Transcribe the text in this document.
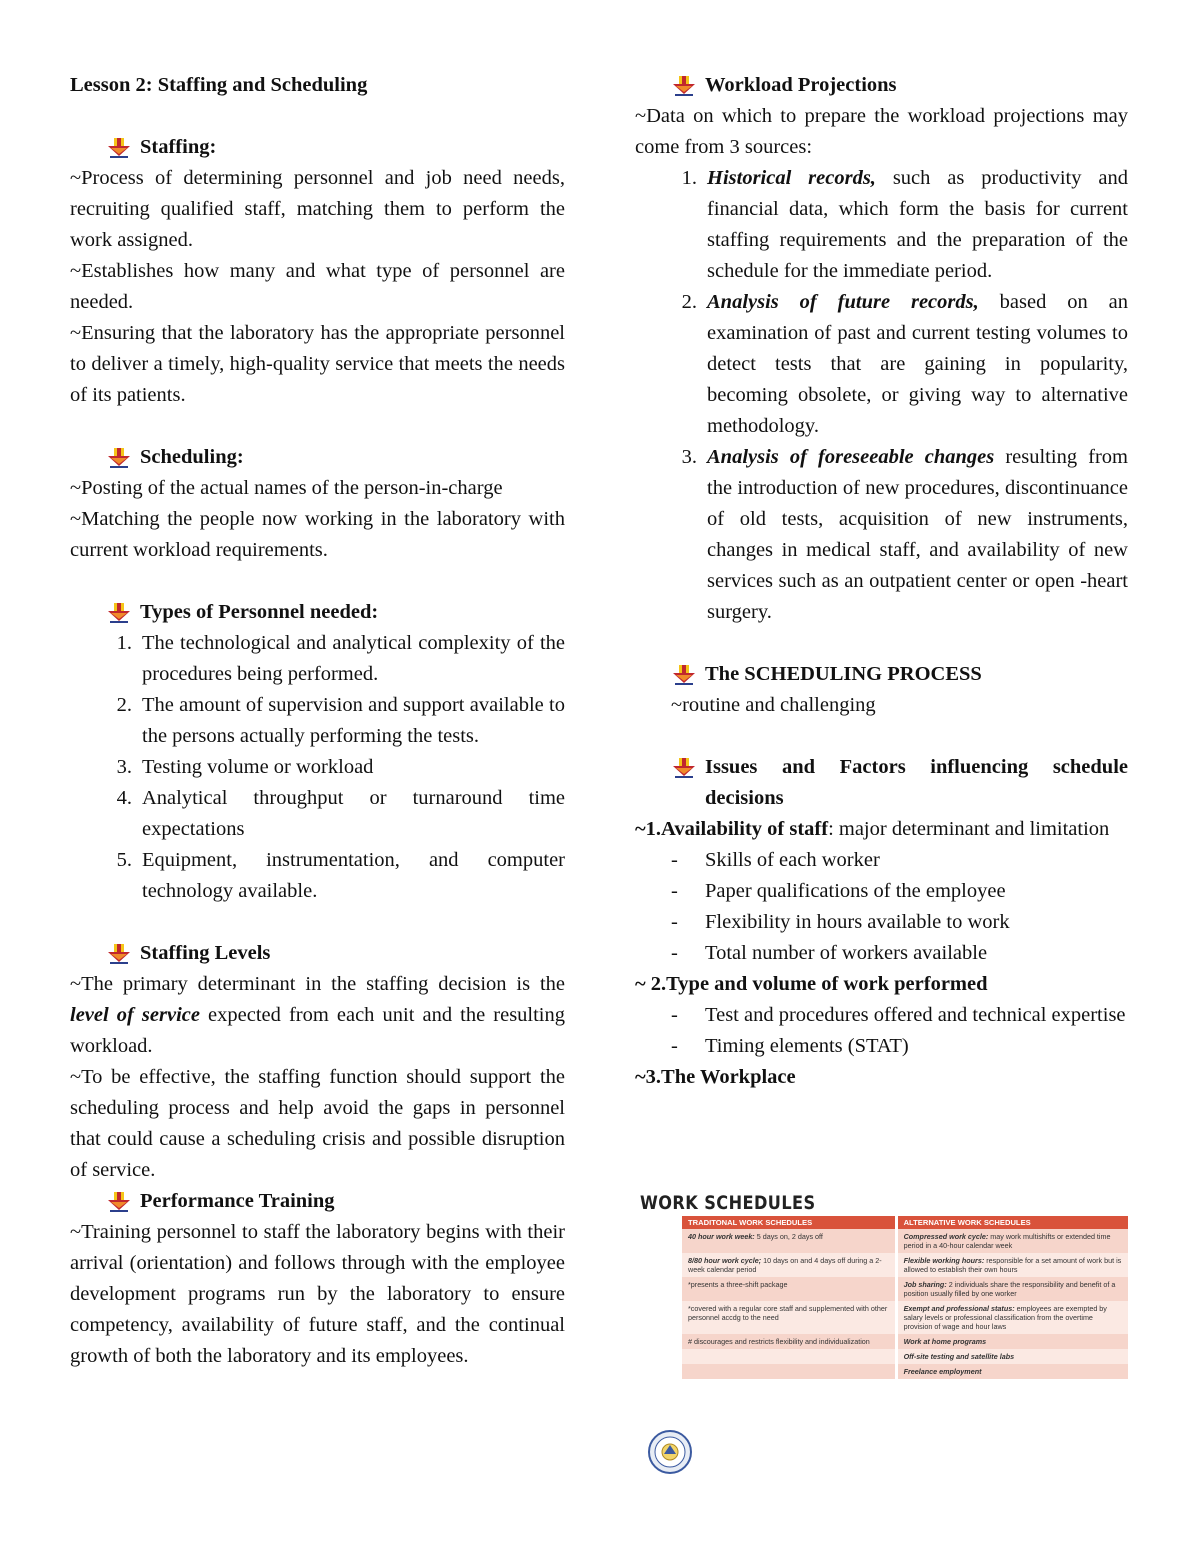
Lesson 2: Staffing and Scheduling

Staffing:

~Process of determining personnel and job need needs, recruiting qualified staff, matching them to perform the work assigned.

~Establishes how many and what type of personnel are needed.

~Ensuring that the laboratory has the appropriate personnel to deliver a timely, high-quality service that meets the needs of its patients.

Scheduling:

~Posting of the actual names of the person-in-charge

~Matching the people now working in the laboratory with current workload requirements.

Types of Personnel needed:
1. The technological and analytical complexity of the procedures being performed.
2. The amount of supervision and support available to the persons actually performing the tests.
3. Testing volume or workload
4. Analytical throughput or turnaround time expectations
5. Equipment, instrumentation, and computer technology available.
Staffing Levels

~The primary determinant in the staffing decision is the level of service expected from each unit and the resulting workload.

~To be effective, the staffing function should support the scheduling process and help avoid the gaps in personnel that could cause a scheduling crisis and possible disruption of service.

Performance Training

~Training personnel to staff the laboratory begins with their arrival (orientation) and follows through with the employee development programs run by the laboratory to ensure competency, availability of future staff, and the continual growth of both the laboratory and its employees.

Workload Projections

~Data on which to prepare the workload projections may come from 3 sources:

1. Historical records, such as productivity and financial data, which form the basis for current staffing requirements and the preparation of the schedule for the immediate period.
2. Analysis of future records, based on an examination of past and current testing volumes to detect tests that are gaining in popularity, becoming obsolete, or giving way to alternative methodology.
3. Analysis of foreseeable changes resulting from the introduction of new procedures, discontinuance of old tests, acquisition of new instruments, changes in medical staff, and availability of new services such as an outpatient center or open -heart surgery.
The SCHEDULING PROCESS

~routine and challenging

Issues and Factors influencing schedule decisions

~1.Availability of staff: major determinant and limitation

-	Skills of each worker
-	Paper qualifications of the employee
-	Flexibility in hours available to work
-	Total number of workers available

~ 2.Type and volume of work performed

-	Test and procedures offered and technical expertise
-	Timing elements (STAT)

~3.The Workplace

WORK SCHEDULES
TRADITONAL WORK SCHEDULES	ALTERNATIVE WORK SCHEDULES
40 hour work week: 5 days on, 2 days off	Compressed work cycle: may work multishifts or extended time period in a 40-hour calendar week
8/80 hour work cycle; 10 days on and 4 days off during a 2-week calendar period	Flexible working hours: responsible for a set amount of work but is allowed to establish their own hours
*presents a three-shift package	Job sharing: 2 individuals share the responsibility and benefit of a position usually filled by one worker
*covered with a regular core staff and supplemented with other personnel accdg to the need	Exempt and professional status: employees are exempted by salary levels or professional classification from the overtime provision of wage and hour laws
# discourages and restricts flexibility and individualization	Work at home programs
	Off-site testing and satellite labs
	Freelance employment
